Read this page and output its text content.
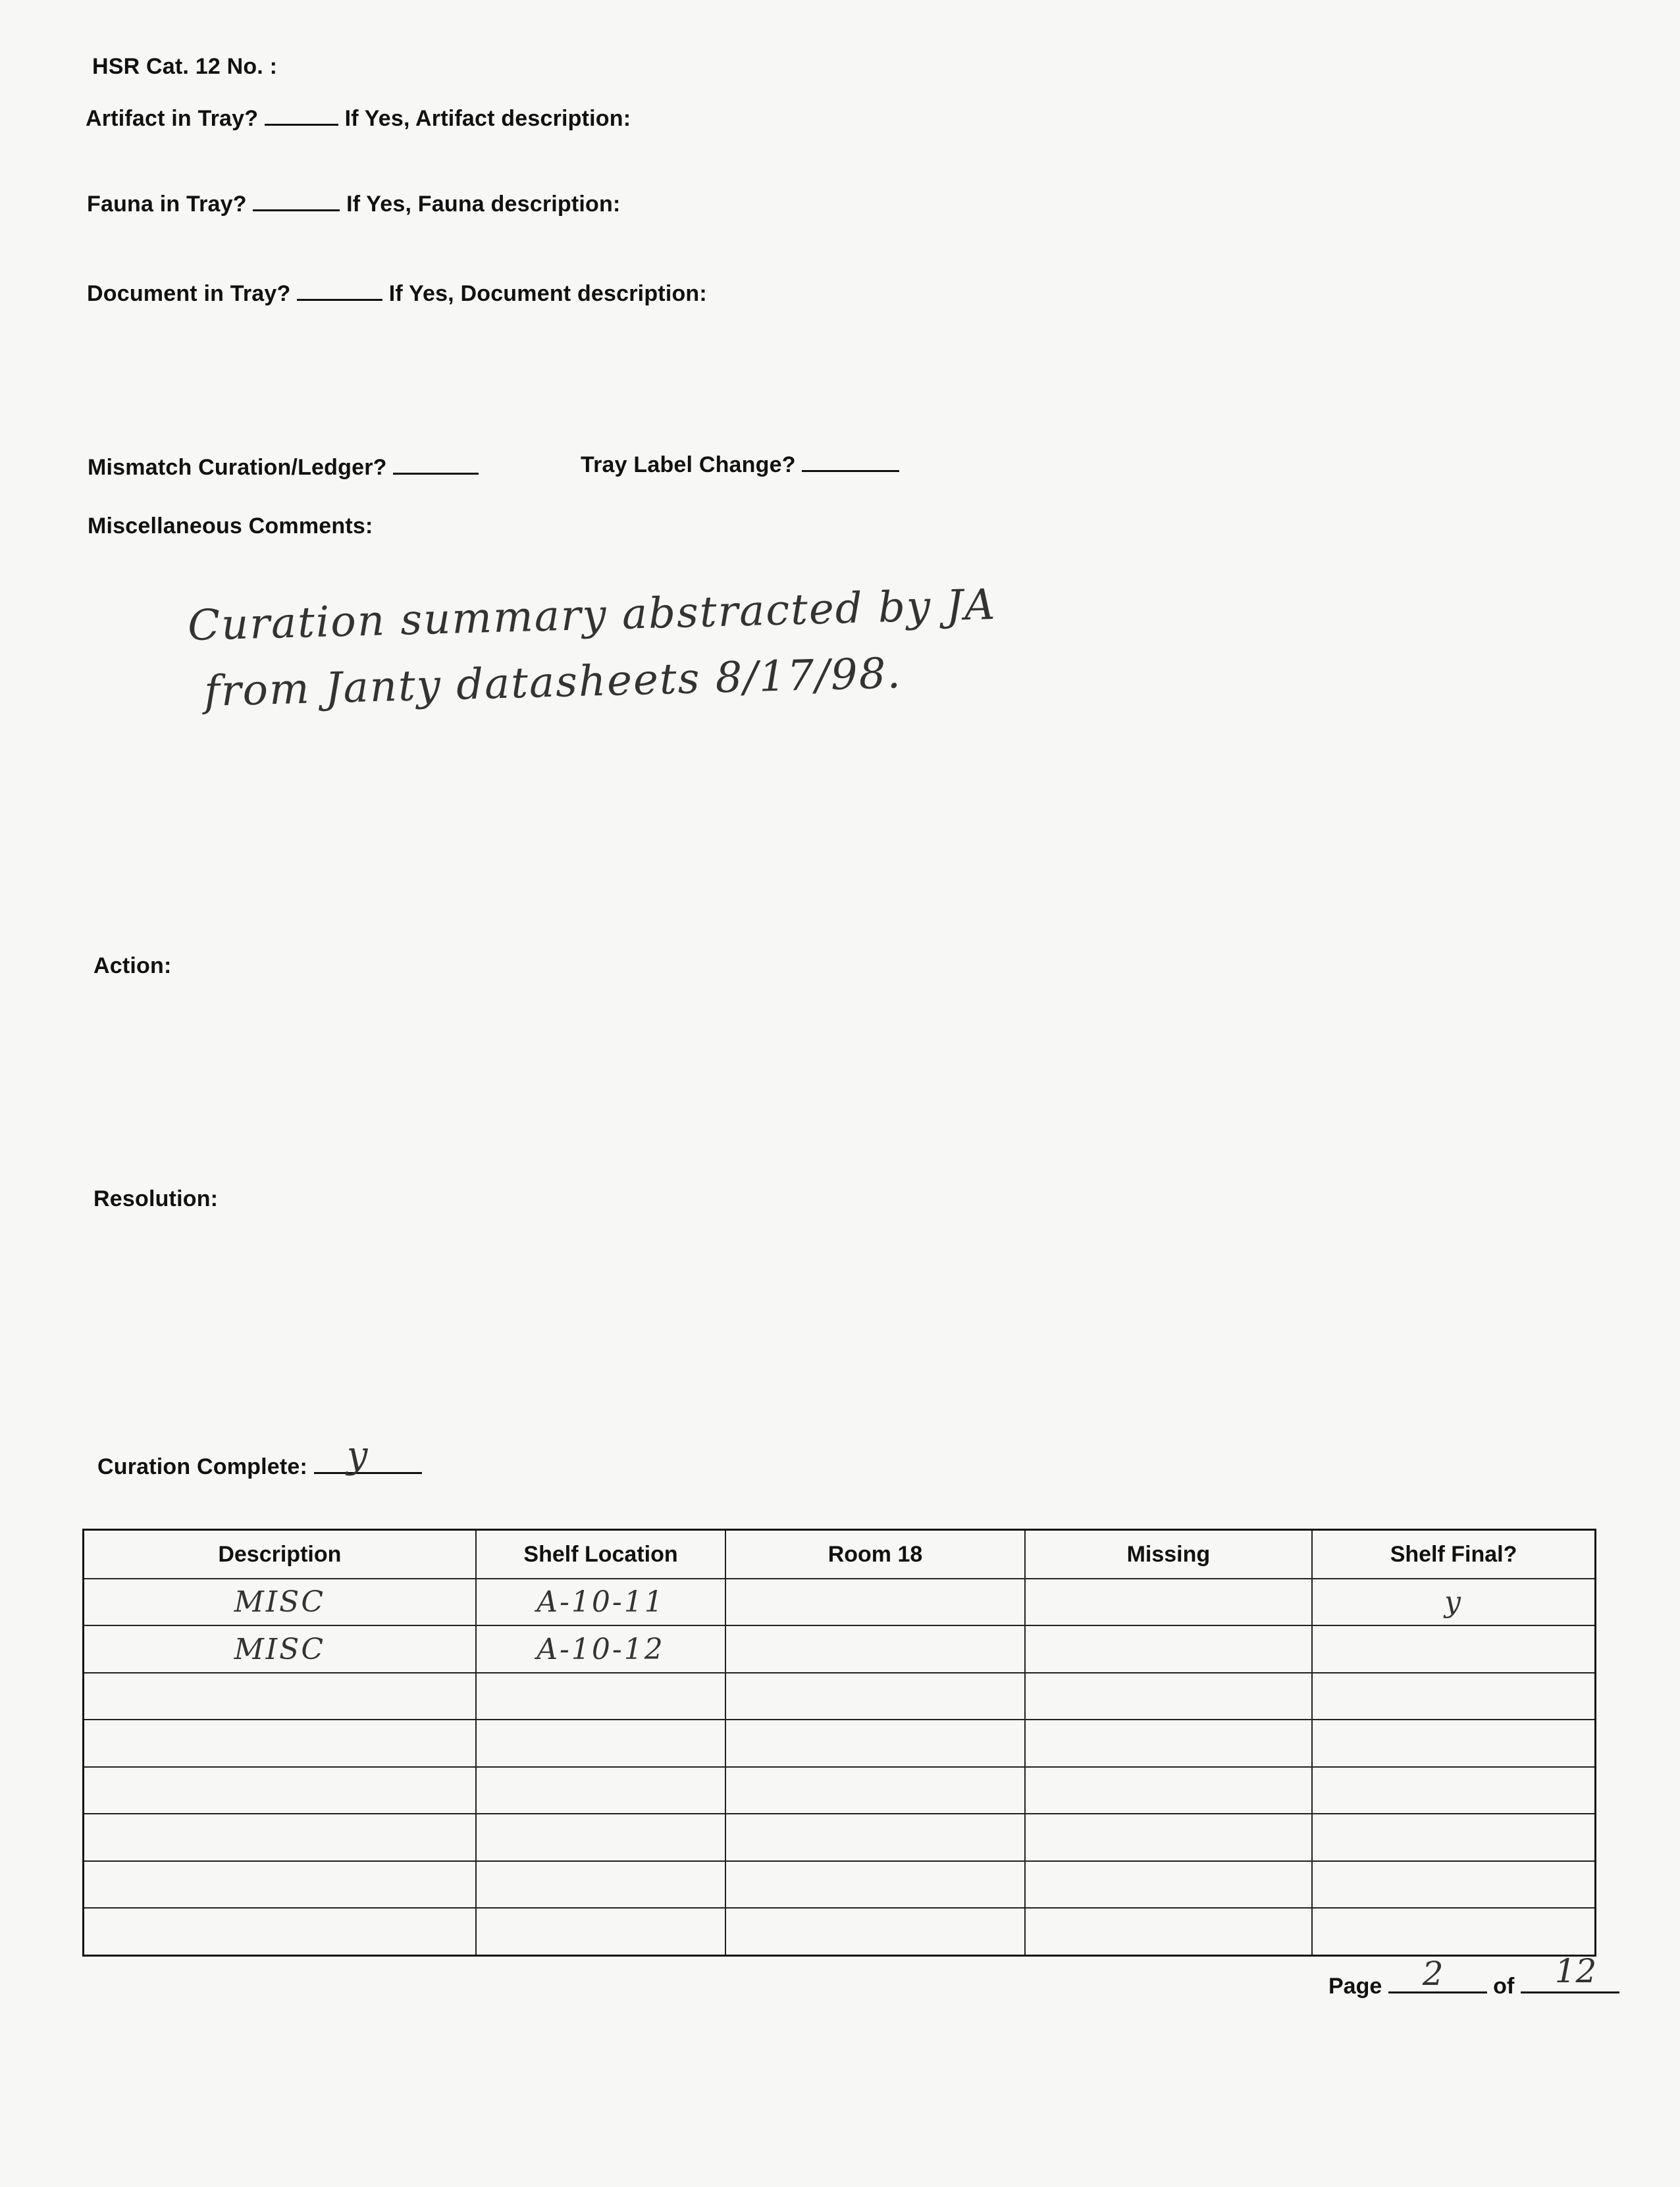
HSR Cat. 12 No. :
Artifact in Tray?	If Yes, Artifact description:
Fauna in Tray?	If Yes, Fauna description:
Document in Tray?	If Yes, Document description:
Mismatch Curation/Ledger?	Tray Label Change?
Miscellaneous Comments:
Curation summary abstracted by JA
from Janty datasheets 8/17/98.
Action:
Resolution:
Curation Complete: y
Description	Shelf Location	Room 18	Missing	Shelf Final?
MISC	A-10-11			y
MISC	A-10-12			

Page 2 of 12
